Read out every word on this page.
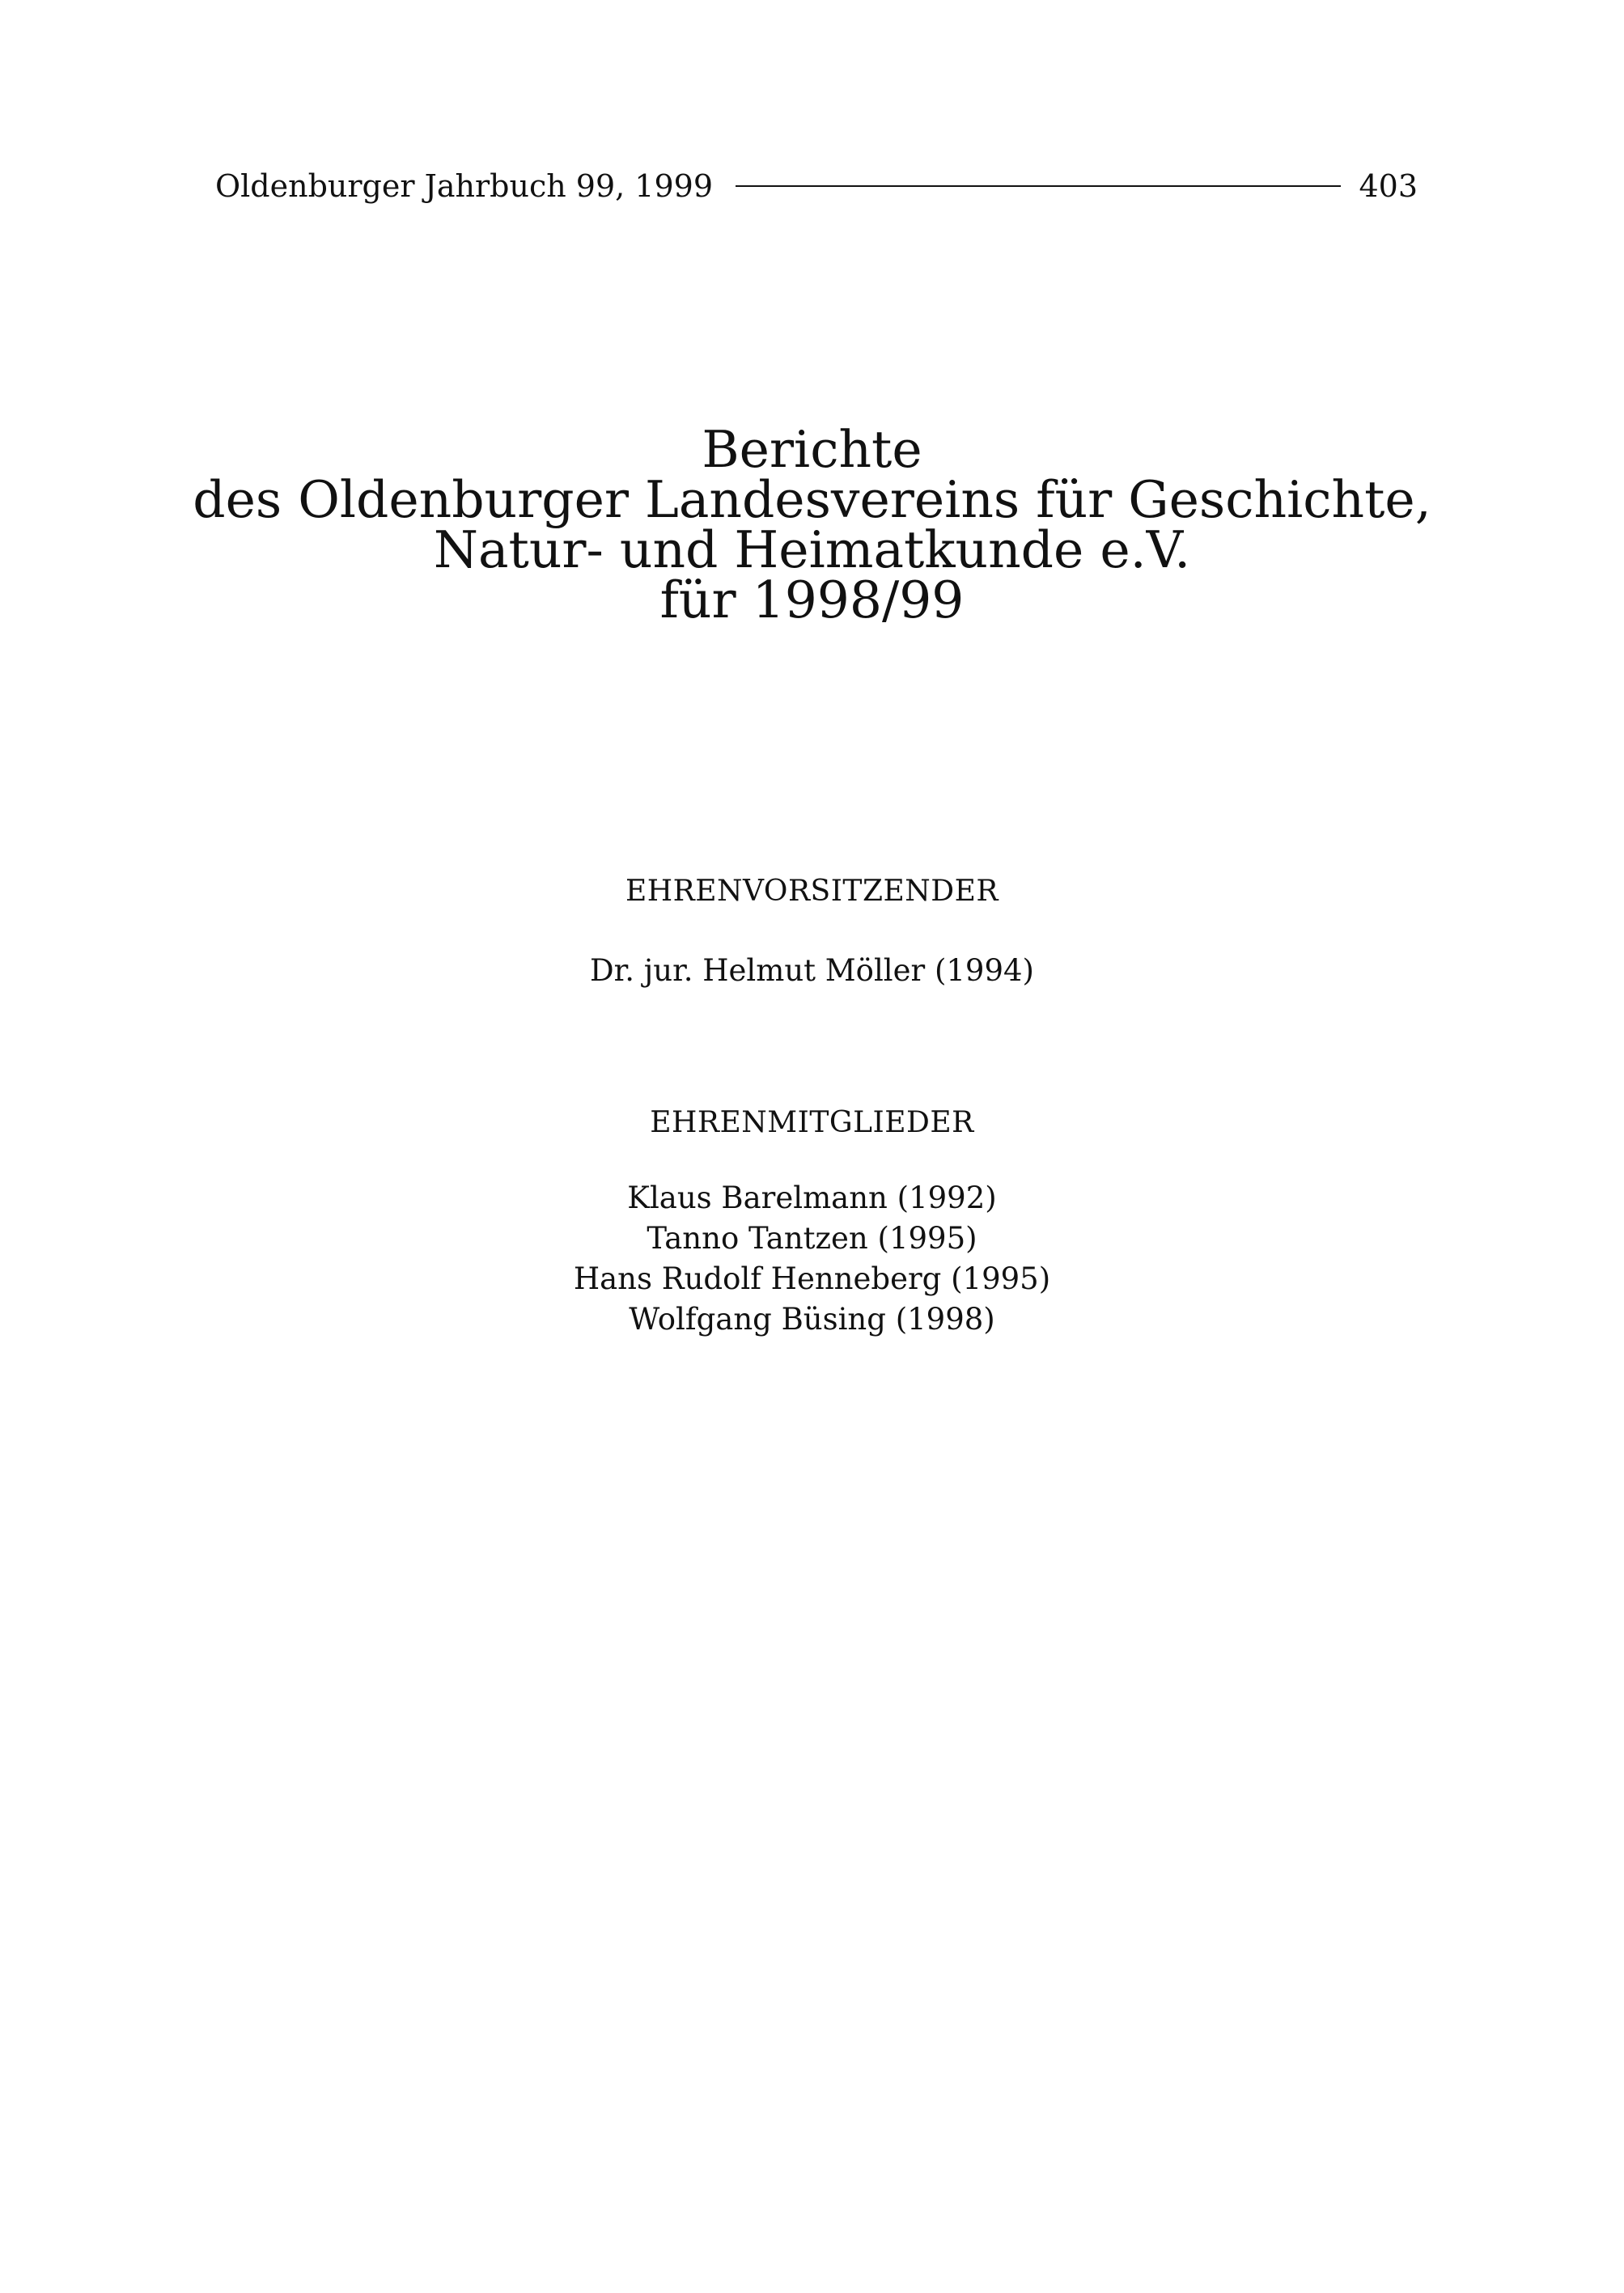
Oldenburger Jahrbuch 99, 1999	403
Berichte
des Oldenburger Landesvereins für Geschichte,
Natur- und Heimatkunde e.V.
für 1998/99
EHRENVORSITZENDER
Dr. jur. Helmut Möller (1994)
EHRENMITGLIEDER
Klaus Barelmann (1992)
Tanno Tantzen (1995)
Hans Rudolf Henneberg (1995)
Wolfgang Büsing (1998)
